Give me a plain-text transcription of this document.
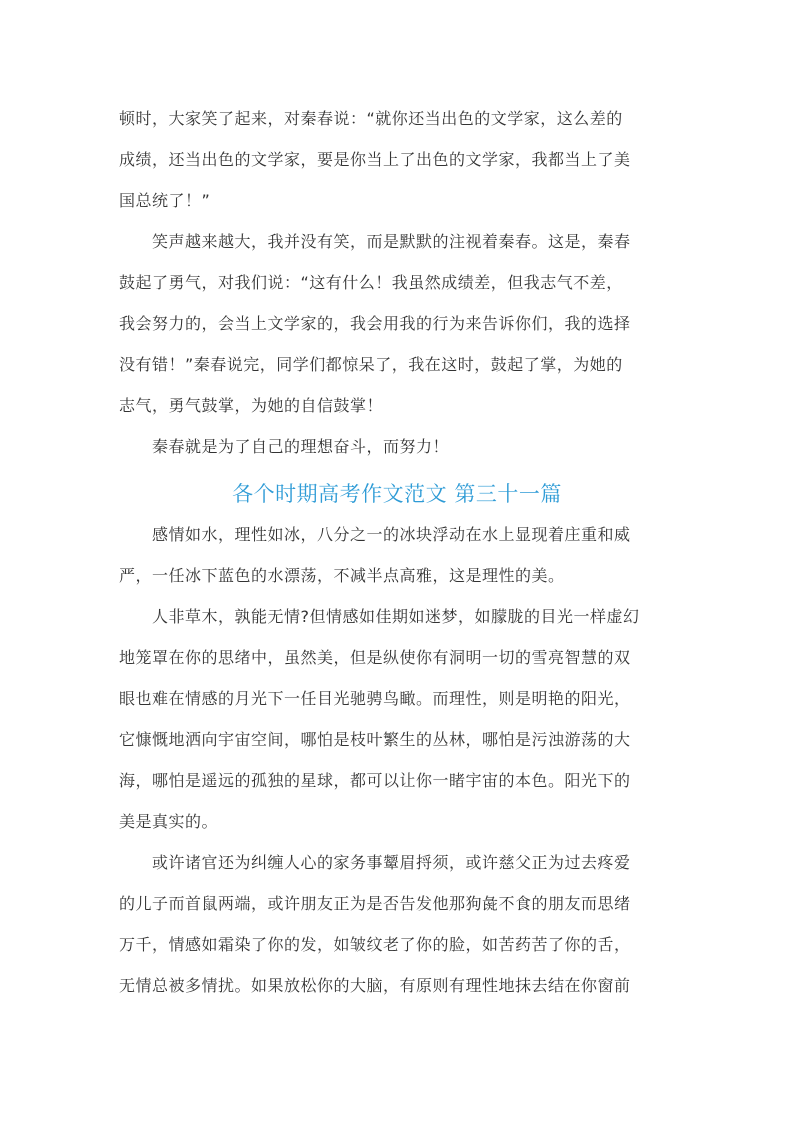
顿时，大家笑了起来，对秦春说：“就你还当出色的文学家，这么差的
成绩，还当出色的文学家，要是你当上了出色的文学家，我都当上了美
国总统了！”
　　笑声越来越大，我并没有笑，而是默默的注视着秦春。这是，秦春
鼓起了勇气，对我们说：“这有什么！我虽然成绩差，但我志气不差，
我会努力的，会当上文学家的，我会用我的行为来告诉你们，我的选择
没有错！”秦春说完，同学们都惊呆了，我在这时，鼓起了掌，为她的
志气，勇气鼓掌，为她的自信鼓掌！
　　秦春就是为了自己的理想奋斗，而努力！
各个时期高考作文范文 第三十一篇
　　感情如水，理性如冰，八分之一的冰块浮动在水上显现着庄重和威
严，一任冰下蓝色的水漂荡，不减半点高雅，这是理性的美。
　　人非草木，孰能无情?但情感如佳期如迷梦，如朦胧的目光一样虚幻
地笼罩在你的思绪中，虽然美，但是纵使你有洞明一切的雪亮智慧的双
眼也难在情感的月光下一任目光驰骋鸟瞰。而理性，则是明艳的阳光，
它慷慨地洒向宇宙空间，哪怕是枝叶繁生的丛林，哪怕是污浊游荡的大
海，哪怕是遥远的孤独的星球，都可以让你一睹宇宙的本色。阳光下的
美是真实的。
　　或许诸官还为纠缠人心的家务事颦眉捋须，或许慈父正为过去疼爱
的儿子而首鼠两端，或许朋友正为是否告发他那狗彘不食的朋友而思绪
万千，情感如霜染了你的发，如皱纹老了你的脸，如苦药苦了你的舌，
无情总被多情扰。如果放松你的大脑，有原则有理性地抹去结在你窗前
